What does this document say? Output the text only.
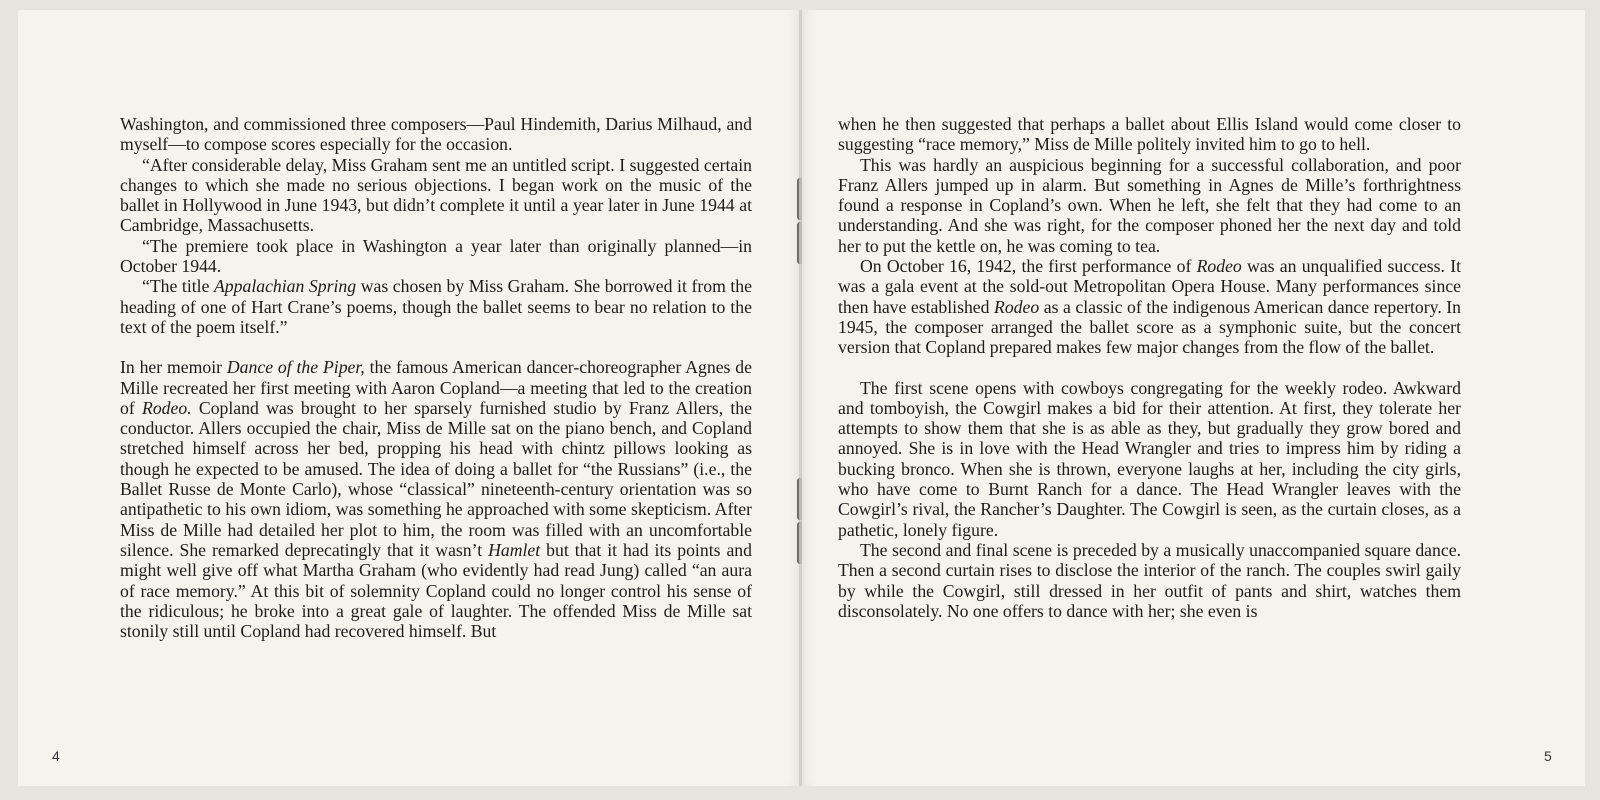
Washington, and commissioned three composers—Paul Hindemith, Darius Milhaud, and myself—to compose scores especially for the occasion.

“After considerable delay, Miss Graham sent me an untitled script. I suggested certain changes to which she made no serious objections. I began work on the music of the ballet in Hollywood in June 1943, but didn’t complete it until a year later in June 1944 at Cambridge, Massachusetts.

“The premiere took place in Washington a year later than originally planned—in October 1944.

“The title Appalachian Spring was chosen by Miss Graham. She borrowed it from the heading of one of Hart Crane’s poems, though the ballet seems to bear no relation to the text of the poem itself.”

In her memoir Dance of the Piper, the famous American dancer-choreographer Agnes de Mille recreated her first meeting with Aaron Copland—a meeting that led to the creation of Rodeo. Copland was brought to her sparsely furnished studio by Franz Allers, the conductor. Allers occupied the chair, Miss de Mille sat on the piano bench, and Copland stretched himself across her bed, propping his head with chintz pillows looking as though he expected to be amused. The idea of doing a ballet for “the Russians” (i.e., the Ballet Russe de Monte Carlo), whose “classical” nineteenth-century orientation was so antipathetic to his own idiom, was something he approached with some skepticism. After Miss de Mille had detailed her plot to him, the room was filled with an uncomfortable silence. She remarked deprecatingly that it wasn’t Hamlet but that it had its points and might well give off what Martha Graham (who evidently had read Jung) called “an aura of race memory.” At this bit of solemnity Copland could no longer control his sense of the ridiculous; he broke into a great gale of laughter. The offended Miss de Mille sat stonily still until Copland had recovered himself. But

4

when he then suggested that perhaps a ballet about Ellis Island would come closer to suggesting “race memory,” Miss de Mille politely invited him to go to hell.

This was hardly an auspicious beginning for a successful collaboration, and poor Franz Allers jumped up in alarm. But something in Agnes de Mille’s forthrightness found a response in Copland’s own. When he left, she felt that they had come to an understanding. And she was right, for the composer phoned her the next day and told her to put the kettle on, he was coming to tea.

On October 16, 1942, the first performance of Rodeo was an unqualified success. It was a gala event at the sold-out Metropolitan Opera House. Many performances since then have established Rodeo as a classic of the indigenous American dance repertory. In 1945, the composer arranged the ballet score as a symphonic suite, but the concert version that Copland prepared makes few major changes from the flow of the ballet.

The first scene opens with cowboys congregating for the weekly rodeo. Awkward and tomboyish, the Cowgirl makes a bid for their attention. At first, they tolerate her attempts to show them that she is as able as they, but gradually they grow bored and annoyed. She is in love with the Head Wrangler and tries to impress him by riding a bucking bronco. When she is thrown, everyone laughs at her, including the city girls, who have come to Burnt Ranch for a dance. The Head Wrangler leaves with the Cowgirl’s rival, the Rancher’s Daughter. The Cowgirl is seen, as the curtain closes, as a pathetic, lonely figure.

The second and final scene is preceded by a musically unaccompanied square dance. Then a second curtain rises to disclose the interior of the ranch. The couples swirl gaily by while the Cowgirl, still dressed in her outfit of pants and shirt, watches them disconsolately. No one offers to dance with her; she even is

5
